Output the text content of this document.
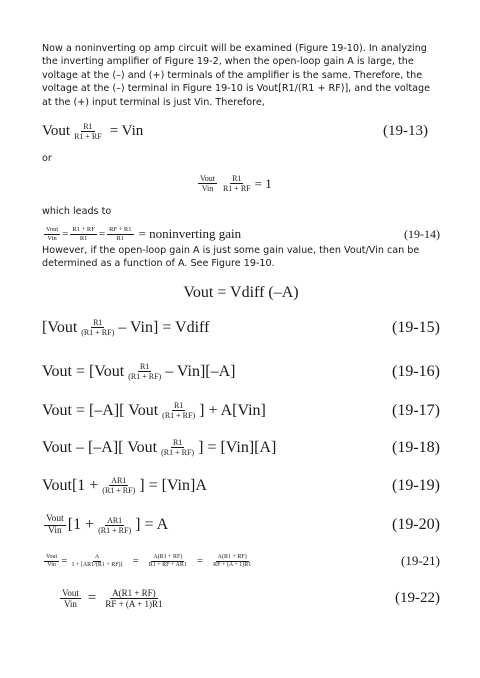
Now a noninverting op amp circuit will be examined (Figure 19-10). In analyzing the inverting amplifier of Figure 19-2, when the open-loop gain A is large, the voltage at the (–) and (+) terminals of the amplifier is the same. Therefore, the voltage at the (–) terminal in Figure 19-10 is Vout[R1/(R1 + RF)], and the voltage at the (+) input terminal is just Vin. Therefore,
Vout $\frac{R1}{R1 + RF}$ = Vin	(19-13)
or
$\frac{\text{Vout}}{\text{Vin}} \frac{R1}{R1 + RF} = 1$
which leads to
$\frac{\text{Vout}}{\text{Vin}} = \frac{R1 + RF}{R1} = \frac{RF + R1}{R1}$ = noninverting gain	(19-14)
However, if the open-loop gain A is just some gain value, then Vout/Vin can be determined as a function of A. See Figure 19-10.
Vout = Vdiff (–A)
[Vout $\frac{R1}{(R1 + RF)} - Vin$] = Vdiff	(19-15)
Vout = [Vout $\frac{R1}{(R1 + RF)} - Vin][-A]$	(19-16)
Vout = [–A][ Vout $\frac{R1}{(R1 + RF)}$ ] + A[Vin]	(19-17)
Vout – [–A][ Vout $\frac{R1}{(R1 + RF)}$ ] = [Vin][A]	(19-18)
Vout[1 + $\frac{AR1}{(R1 + RF)}$ ] = [Vin]A	(19-19)
$\frac{\text{Vout}}{\text{Vin}} [1 + \frac{AR1}{(R1 + RF)}$ ] = A	(19-20)
$\frac{\text{Vout}}{\text{Vin}} = \frac{A}{1 + [AR1/(R1 + RF)]} = \frac{A(R1 + RF)}{R1 + RF + AR1} = \frac{A(R1 + RF)}{RF + (A + 1)R1}$	(19-21)
$\frac{\text{Vout}}{\text{Vin}} = \frac{A(R1 + RF)}{RF + (A + 1)R1}$	(19-22)
